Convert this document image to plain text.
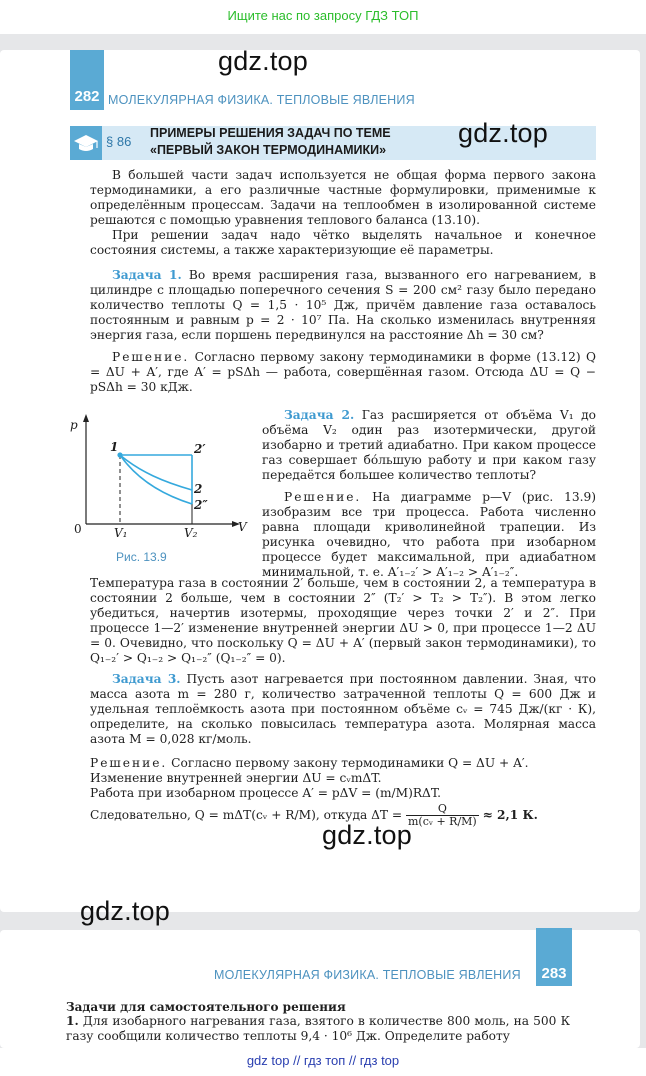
Ищите нас по запросу ГДЗ ТОП
gdz.top
282 МОЛЕКУЛЯРНАЯ ФИЗИКА. ТЕПЛОВЫЕ ЯВЛЕНИЯ
§ 86
ПРИМЕРЫ РЕШЕНИЯ ЗАДАЧ ПО ТЕМЕ
«ПЕРВЫЙ ЗАКОН ТЕРМОДИНАМИКИ»
gdz.top
В большей части задач используется не общая форма первого закона термодинамики, а его различные частные формулировки, применимые к определённым процессам. Задачи на теплообмен в изолированной системе решаются с помощью уравнения теплового баланса (13.10).
При решении задач надо чётко выделять начальное и конечное состояния системы, а также характеризующие её параметры.
Задача 1. Во время расширения газа, вызванного его нагреванием, в цилиндре с площадью поперечного сечения S = 200 см² газу было передано количество теплоты Q = 1,5 · 10⁵ Дж, причём давление газа оставалось постоянным и равным p = 2 · 10⁷ Па. На сколько изменилась внутренняя энергия газа, если поршень передвинулся на расстояние Δh = 30 см?
Решение. Согласно первому закону термодинамики в форме (13.12) Q = ΔU + A′, где A′ = pSΔh — работа, совершённая газом. Отсюда ΔU = Q − pSΔh = 30 кДж.
p
V
0	V₁	V₂
1	2′
2
2″
Рис. 13.9
Задача 2. Газ расширяется от объёма V₁ до объёма V₂ один раз изотермически, другой изобарно и третий адиабатно. При каком процессе газ совершает бо́льшую работу и при каком газу передаётся большее количество теплоты?
Решение. На диаграмме p—V (рис. 13.9) изобразим все три процесса. Работа численно равна площади криволинейной трапеции. Из рисунка очевидно, что работа при изобарном процессе будет максимальной, при адиабатном минимальной, т. е. A′₁₋₂′ > A′₁₋₂ > A′₁₋₂″.
Температура газа в состоянии 2′ больше, чем в состоянии 2, а температура в состоянии 2 больше, чем в состоянии 2″ (T₂′ > T₂ > T₂″). В этом легко убедиться, начертив изотермы, проходящие через точки 2′ и 2″. При процессе 1—2′ изменение внутренней энергии ΔU > 0, при процессе 1—2 ΔU = 0. Очевидно, что поскольку Q = ΔU + A′ (первый закон термодинамики), то Q₁₋₂′ > Q₁₋₂ > Q₁₋₂″ (Q₁₋₂″ = 0).
Задача 3. Пусть азот нагревается при постоянном давлении. Зная, что масса азота m = 280 г, количество затраченной теплоты Q = 600 Дж и удельная теплоёмкость азота при постоянном объёме cᵥ = 745 Дж/(кг · К), определите, на сколько повысилась температура азота. Молярная масса азота M = 0,028 кг/моль.
Решение. Согласно первому закону термодинамики Q = ΔU + A′.
Изменение внутренней энергии ΔU = cᵥmΔT.
Работа при изобарном процессе A′ = pΔV = (m/M)RΔT.
Следовательно, Q = mΔT(cᵥ + R/M), откуда $\Delta T = \frac{Q}{\text{m(cᵥ + R/M)}} \approx 2,1$ К.
gdz.top
gdz.top
283
МОЛЕКУЛЯРНАЯ ФИЗИКА. ТЕПЛОВЫЕ ЯВЛЕНИЯ
Задачи для самостоятельного решения
1. Для изобарного нагревания газа, взятого в количестве 800 моль, на 500 К газу сообщили количество теплоты 9,4 · 10⁶ Дж. Определите работу
gdz top // гдз топ // гдз top
